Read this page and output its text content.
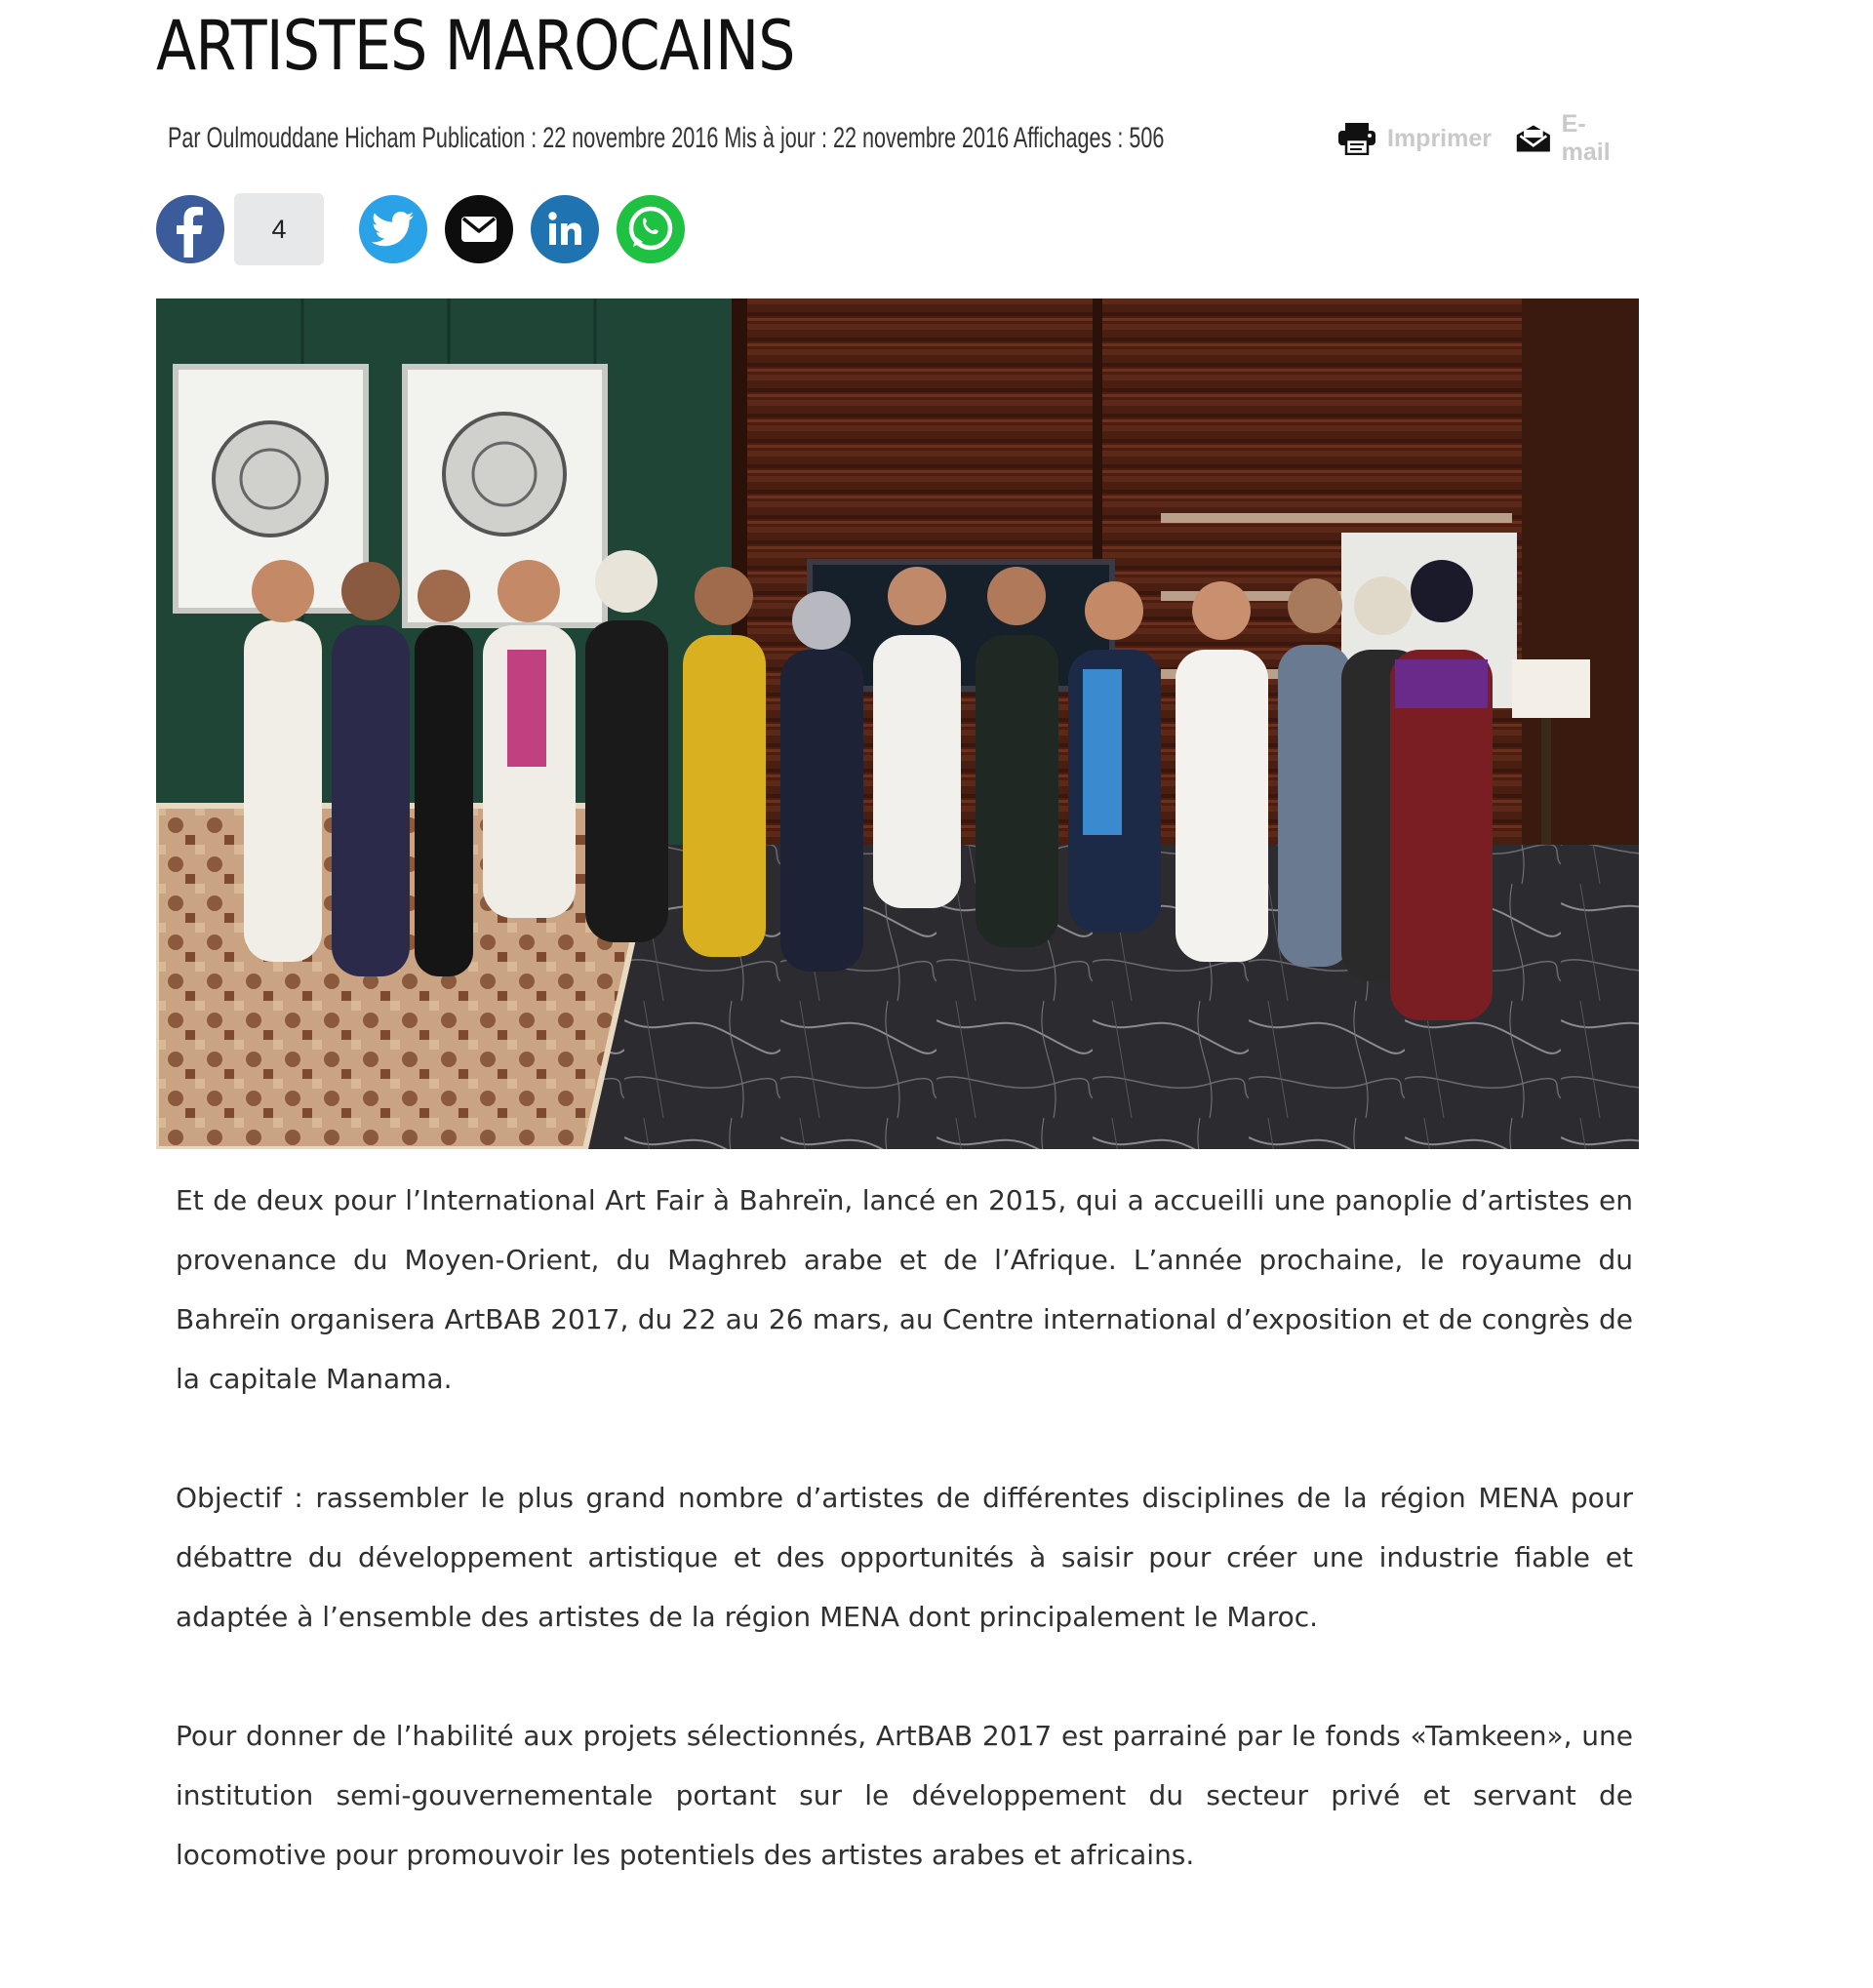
ARTISTES MAROCAINS
Par Oulmouddane Hicham Publication : 22 novembre 2016 Mis à jour : 22 novembre 2016 Affichages : 506	Imprimer
E-mail
4

Et de deux pour l’International Art Fair à Bahreïn, lancé en 2015, qui a accueilli une panoplie d’artistes en provenance du Moyen-Orient, du Maghreb arabe et de l’Afrique. L’année prochaine, le royaume du Bahreïn organisera ArtBAB 2017, du 22 au 26 mars, au Centre international d’exposition et de congrès de la capitale Manama.

Objectif : rassembler le plus grand nombre d’artistes de différentes disciplines de la région MENA pour débattre du développement artistique et des opportunités à saisir pour créer une industrie fiable et adaptée à l’ensemble des artistes de la région MENA dont principalement le Maroc.

Pour donner de l’habilité aux projets sélectionnés, ArtBAB 2017 est parrainé par le fonds «Tamkeen», une institution semi-gouvernementale portant sur le développement du secteur privé et servant de locomotive pour promouvoir les potentiels des artistes arabes et africains.
